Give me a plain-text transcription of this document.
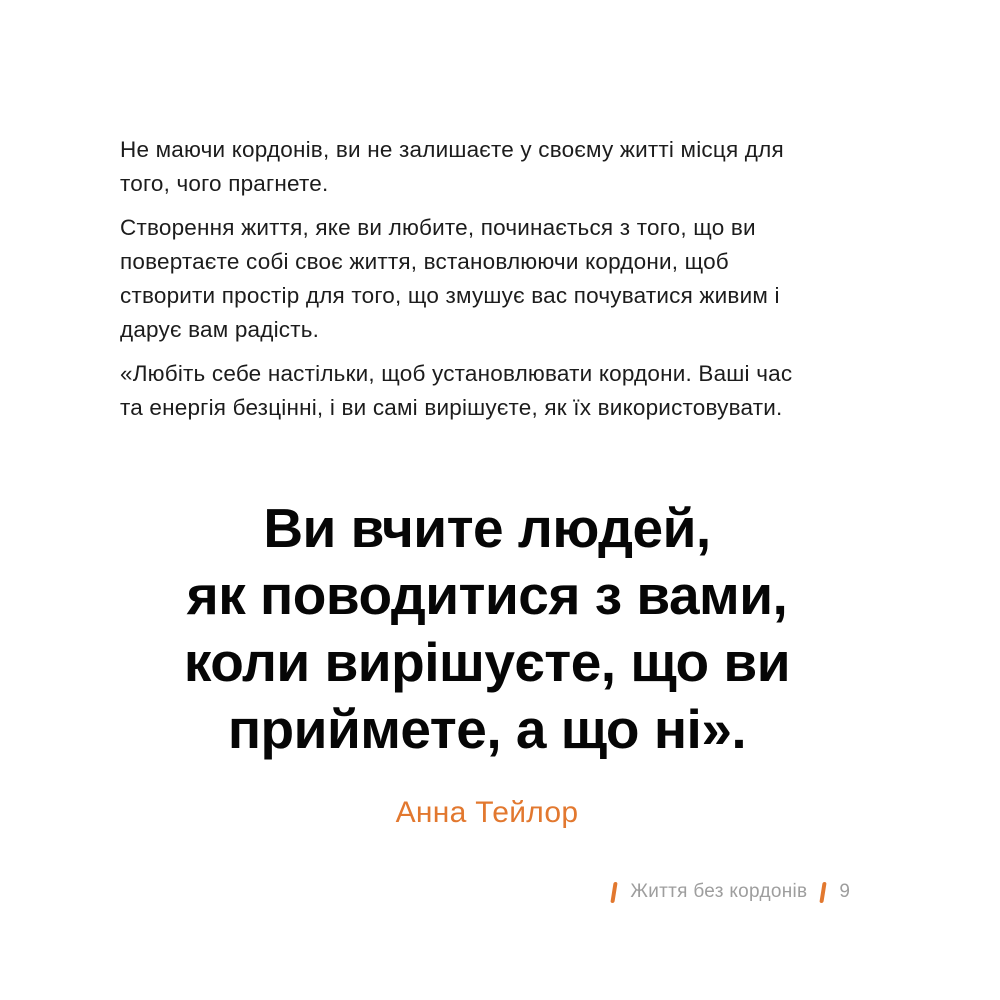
Не маючи кордонів, ви не залишаєте у своєму житті місця для
того, чого прагнете.
Створення життя, яке ви любите, починається з того, що ви
повертаєте собі своє життя, встановлюючи кордони, щоб
створити простір для того, що змушує вас почуватися живим і
дарує вам радість.
«Любіть себе настільки, щоб установлювати кордони. Ваші час
та енергія безцінні, і ви самі вирішуєте, як їх використовувати.
Ви вчите людей,
як поводитися з вами,
коли вирішуєте, що ви
приймете, а що ні».
Анна Тейлор
Життя без кордонів 9
